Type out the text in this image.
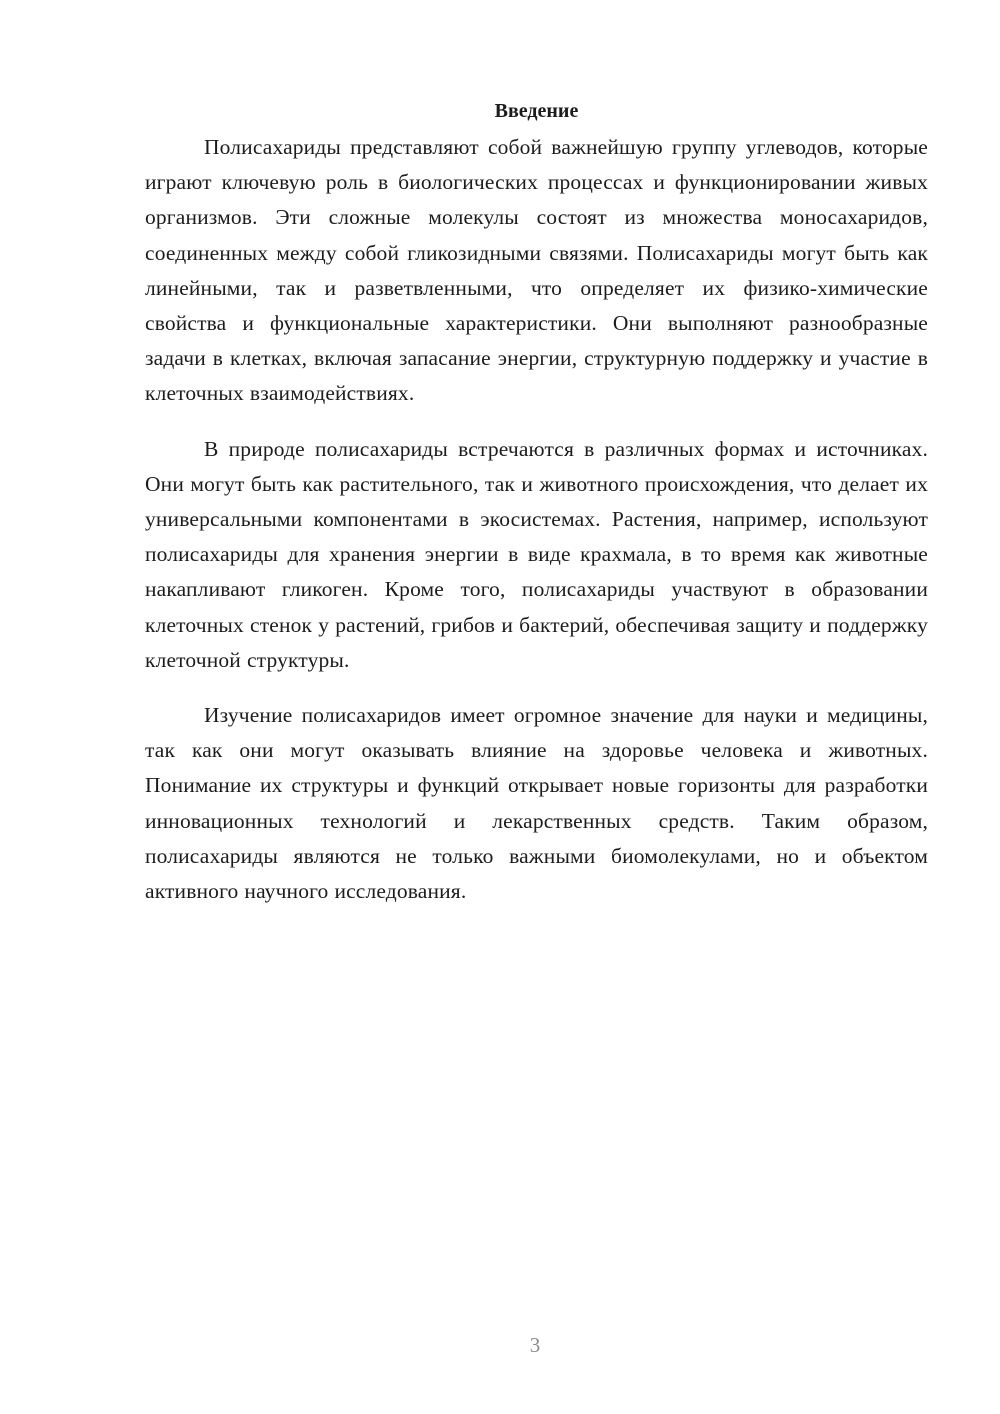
Введение

Полисахариды представляют собой важнейшую группу углеводов, которые играют ключевую роль в биологических процессах и функционировании живых организмов. Эти сложные молекулы состоят из множества моносахаридов, соединенных между собой гликозидными связями. Полисахариды могут быть как линейными, так и разветвленными, что определяет их физико-химические свойства и функциональные характеристики. Они выполняют разнообразные задачи в клетках, включая запасание энергии, структурную поддержку и участие в клеточных взаимодействиях.

В природе полисахариды встречаются в различных формах и источниках. Они могут быть как растительного, так и животного происхождения, что делает их универсальными компонентами в экосистемах. Растения, например, используют полисахариды для хранения энергии в виде крахмала, в то время как животные накапливают гликоген. Кроме того, полисахариды участвуют в образовании клеточных стенок у растений, грибов и бактерий, обеспечивая защиту и поддержку клеточной структуры.

Изучение полисахаридов имеет огромное значение для науки и медицины, так как они могут оказывать влияние на здоровье человека и животных. Понимание их структуры и функций открывает новые горизонты для разработки инновационных технологий и лекарственных средств. Таким образом, полисахариды являются не только важными биомолекулами, но и объектом активного научного исследования.

3
